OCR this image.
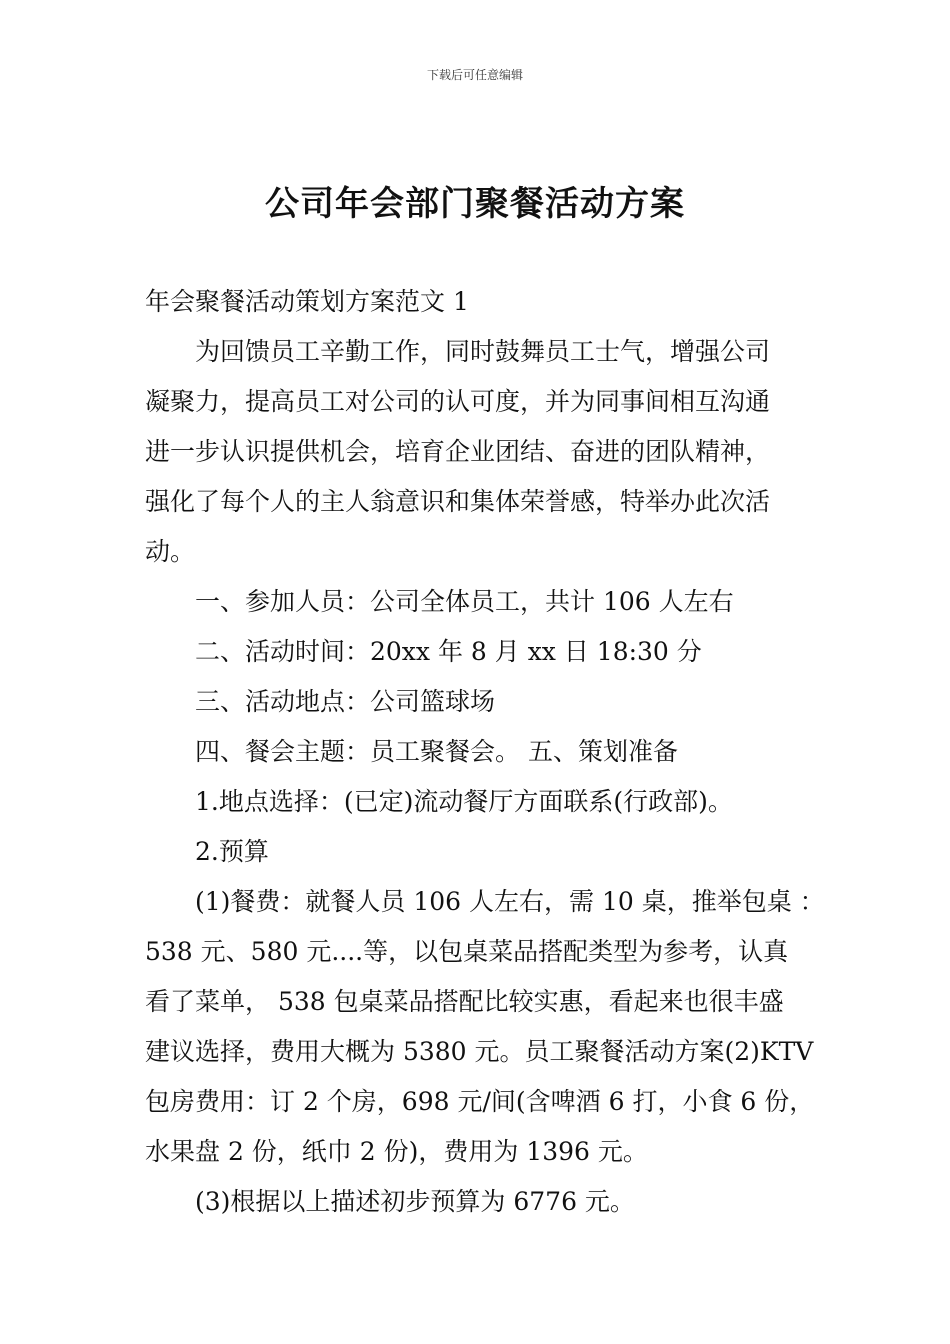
下载后可任意编辑
公司年会部门聚餐活动方案

年会聚餐活动策划方案范文 1

为回馈员工辛勤工作，同时鼓舞员工士气，增强公司

凝聚力，提高员工对公司的认可度，并为同事间相互沟通

进一步认识提供机会，培育企业团结、奋进的团队精神，

强化了每个人的主人翁意识和集体荣誉感，特举办此次活

动。

一、参加人员：公司全体员工，共计 106 人左右

二、活动时间：20xx 年 8 月 xx 日 18:30 分

三、活动地点：公司篮球场

四、餐会主题：员工聚餐会。 五、策划准备

1.地点选择：(已定)流动餐厅方面联系(行政部)。

2.预算

(1)餐费：就餐人员 106 人左右，需 10 桌，推举包桌 ：

538 元、580 元....等，以包桌菜品搭配类型为参考，认真

看了菜单， 538 包桌菜品搭配比较实惠，看起来也很丰盛

建议选择，费用大概为 5380 元。员工聚餐活动方案(2)KTV

包房费用：订 2 个房，698 元/间(含啤酒 6 打，小食 6 份，

水果盘 2 份，纸巾 2 份)，费用为 1396 元。

(3)根据以上描述初步预算为 6776 元。
